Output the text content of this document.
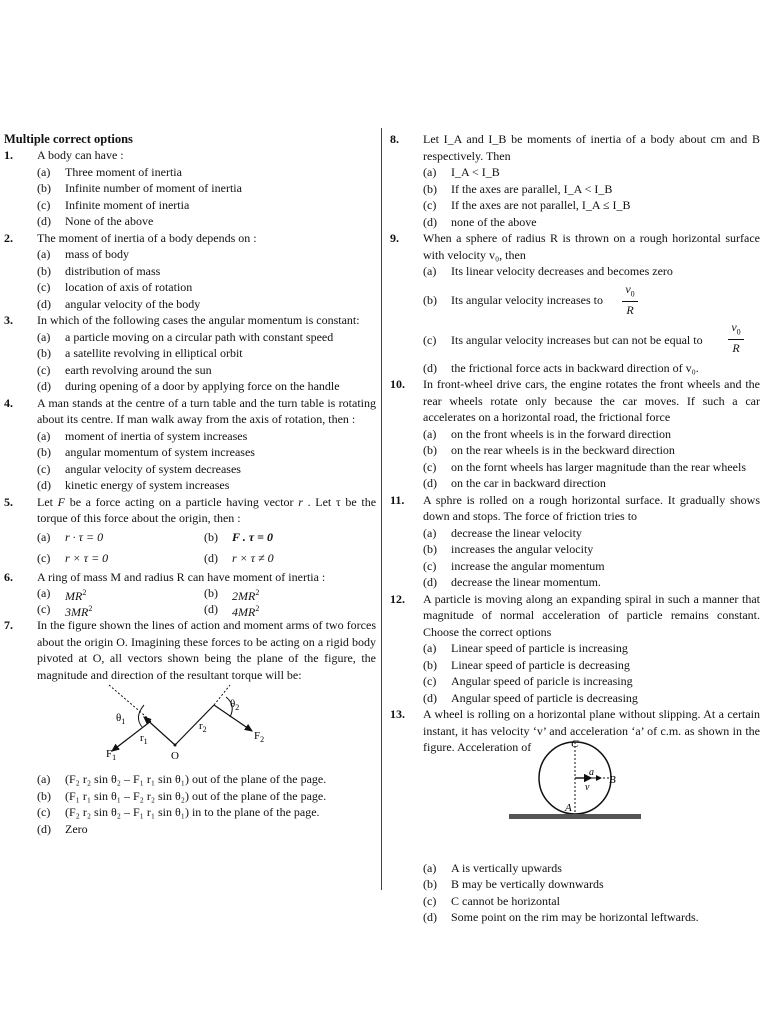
Multiple correct options
1. A body can have :
(a) Three moment of inertia
(b) Infinite number of moment of inertia
(c) Infinite moment of inertia
(d) None of the above
2. The moment of inertia of a body depends on :
(a) mass of body
(b) distribution of mass
(c) location of axis of rotation
(d) angular velocity of the body
3. In which of the following cases the angular momentum is constant:
(a) a particle moving on a circular path with constant speed
(b) a satellite revolving in elliptical orbit
(c) earth revolving around the sun
(d) during opening of a door by applying force on the handle
4. A man stands at the centre of a turn table and the turn table is rotating about its centre. If man walk away from the axis of rotation, then :
(a) moment of inertia of system increases
(b) angular momentum of system increases
(c) angular velocity of system decreases
(d) kinetic energy of system increases
5. Let F be a force acting on a particle having vector r . Let τ be the torque of this force about the origin, then :
(a) r · τ = 0	(b) F . τ = 0
(c) r × τ = 0	(d) r × τ ≠ 0
6. A ring of mass M and radius R can have moment of inertia :
(a) $MR^2$	(b) $2MR^2$
(c) $3MR^2$	(d) $4MR^2$
7. In the figure shown the lines of action and moment arms of two forces about the origin O. Imagining these forces to be acting on a rigid body pivoted at O, all vectors shown being the plane of the figure, the magnitude and direction of the resultant torque will be:
$\theta_1$
$\theta_2$
$r_1$
$r_2$
$F_1$
$F_2$
O
(a) (F₂ r₂ sin θ₂ – F₁ r₁ sin θ₁) out of the plane of the page.
(b) (F₁ r₁ sin θ₁ – F₂ r₂ sin θ₂) out of the plane of the page.
(c) (F₂ r₂ sin θ₂ – F₁ r₁ sin θ₁) in to the plane of the page.
(d) Zero
8. Let I_A and I_B be moments of inertia of a body about cm and B respectively. Then
(a) I_A < I_B
(b) If the axes are parallel, I_A < I_B
(c) If the axes are not parallel, I_A ≤ I_B
(d) none of the above
9. When a sphere of radius R is thrown on a rough horizontal surface with velocity v₀, then
(a) Its linear velocity decreases and becomes zero
(b) Its angular velocity increases to
$v_0$
R
(c) Its angular velocity increases but can not be equal to
$v_0$
R
(d) the frictional force acts in backward direction of v₀.
10. In front-wheel drive cars, the engine rotates the front wheels and the rear wheels rotate only because the car moves. If such a car accelerates on a horizontal road, the frictional force
(a) on the front wheels is in the forward direction
(b) on the rear wheels is in the beckward direction
(c) on the fornt wheels has larger magnitude than the rear wheels
(d) on the car in backward direction
11. A sphre is rolled on a rough horizontal surface. It gradually shows down and stops. The force of friction tries to
(a) decrease the linear velocity
(b) increases the angular velocity
(c) increase the angular momentum
(d) decrease the linear momentum.
12. A particle is moving along an expanding spiral in such a manner that magnitude of normal acceleration of particle remains constant. Choose the correct options
(a) Linear speed of particle is increasing
(b) Linear speed of particle is decreasing
(c) Angular speed of paricle is increasing
(d) Angular speed of particle is decreasing
13. A wheel is rolling on a horizontal plane without slipping. At a certain instant, it has velocity ‘v’ and acceleration ‘a’ of c.m. as shown in the figure. Acceleration of
(a) A is vertically upwards
(b) B may be vertically downwards
(c) C cannot be horizontal
(d) Some point on the rim may be horizontal leftwards.
C
B
A
a
v
